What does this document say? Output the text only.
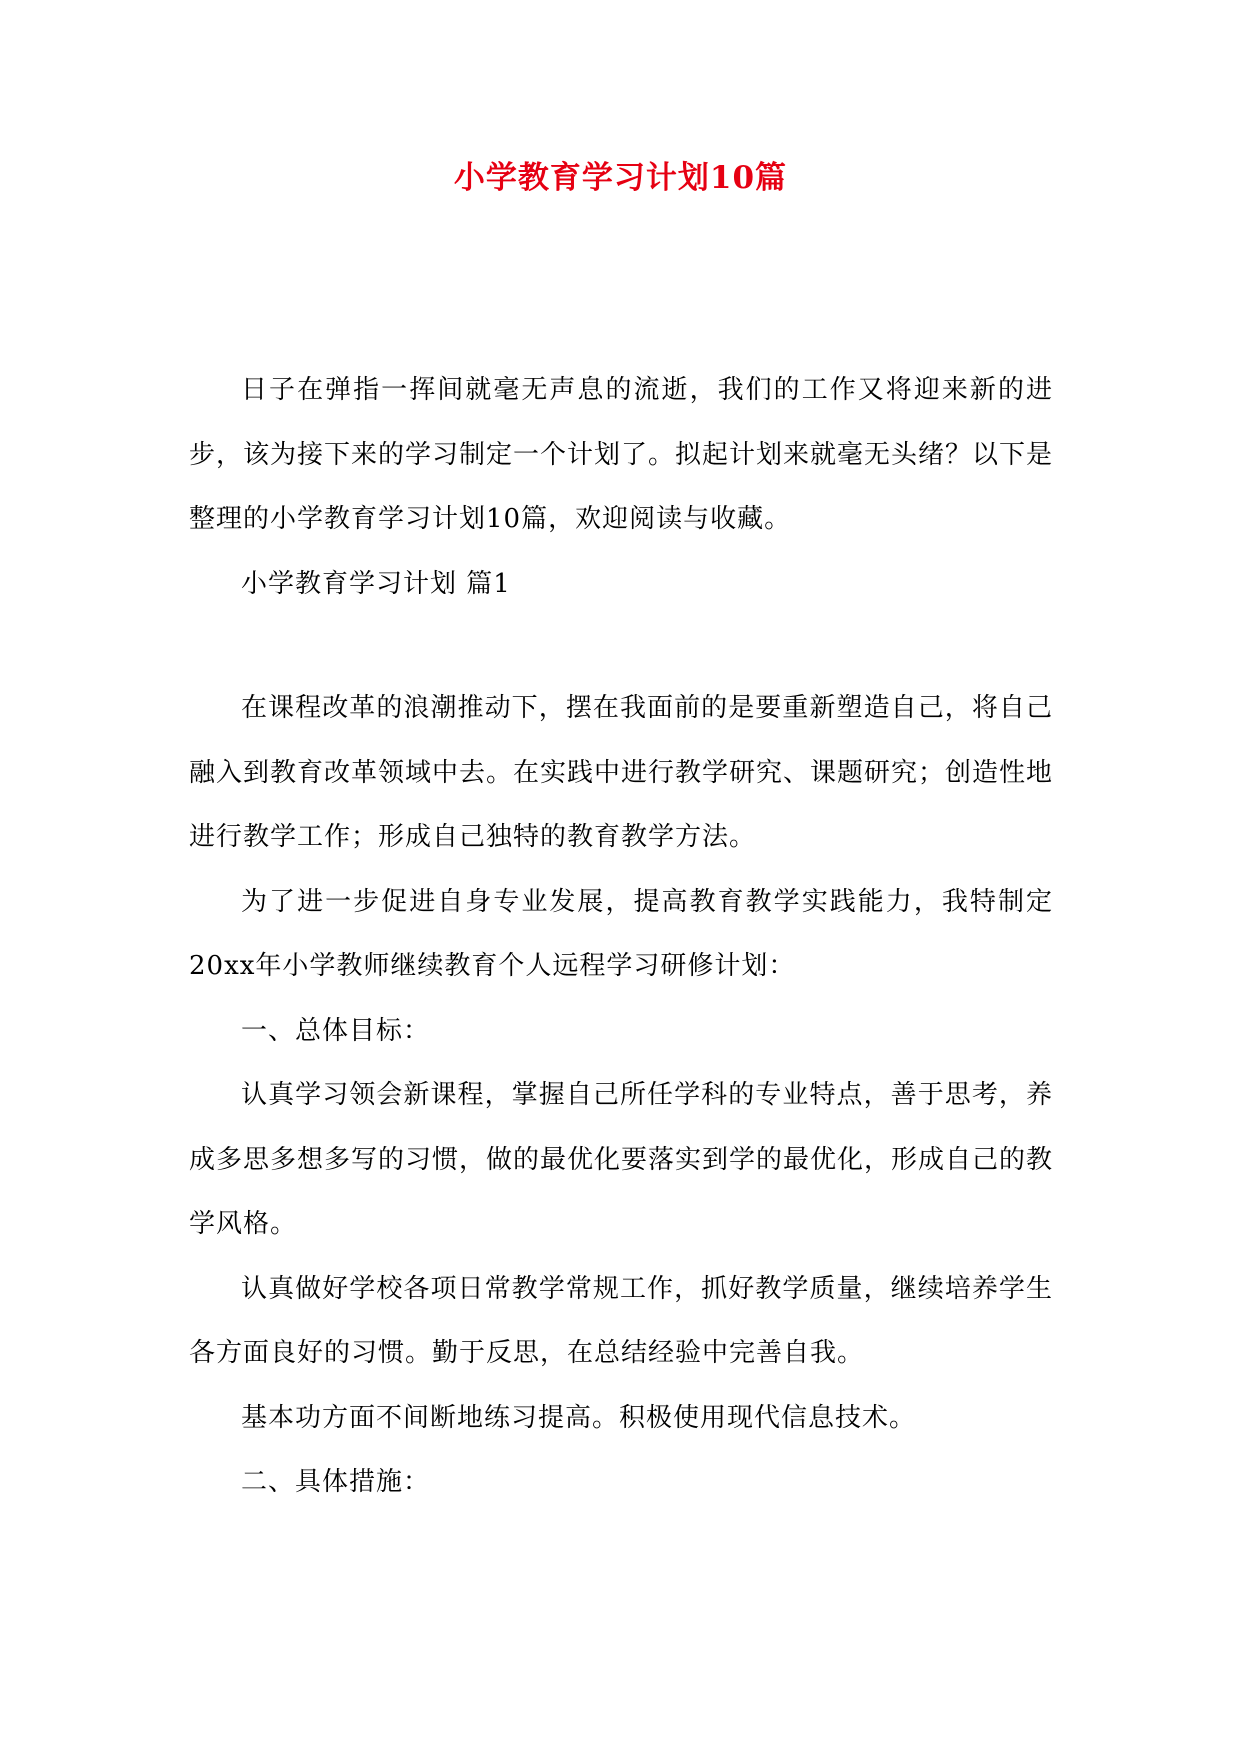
小学教育学习计划10篇

日子在弹指一挥间就毫无声息的流逝，我们的工作又将迎来新的进步，该为接下来的学习制定一个计划了。拟起计划来就毫无头绪？以下是整理的小学教育学习计划10篇，欢迎阅读与收藏。

小学教育学习计划 篇1

在课程改革的浪潮推动下，摆在我面前的是要重新塑造自己，将自己融入到教育改革领域中去。在实践中进行教学研究、课题研究；创造性地进行教学工作；形成自己独特的教育教学方法。

为了进一步促进自身专业发展，提高教育教学实践能力，我特制定20xx年小学教师继续教育个人远程学习研修计划：

一、总体目标：

认真学习领会新课程，掌握自己所任学科的专业特点，善于思考，养成多思多想多写的习惯，做的最优化要落实到学的最优化，形成自己的教学风格。

认真做好学校各项日常教学常规工作，抓好教学质量，继续培养学生各方面良好的习惯。勤于反思，在总结经验中完善自我。

基本功方面不间断地练习提高。积极使用现代信息技术。

二、具体措施：
